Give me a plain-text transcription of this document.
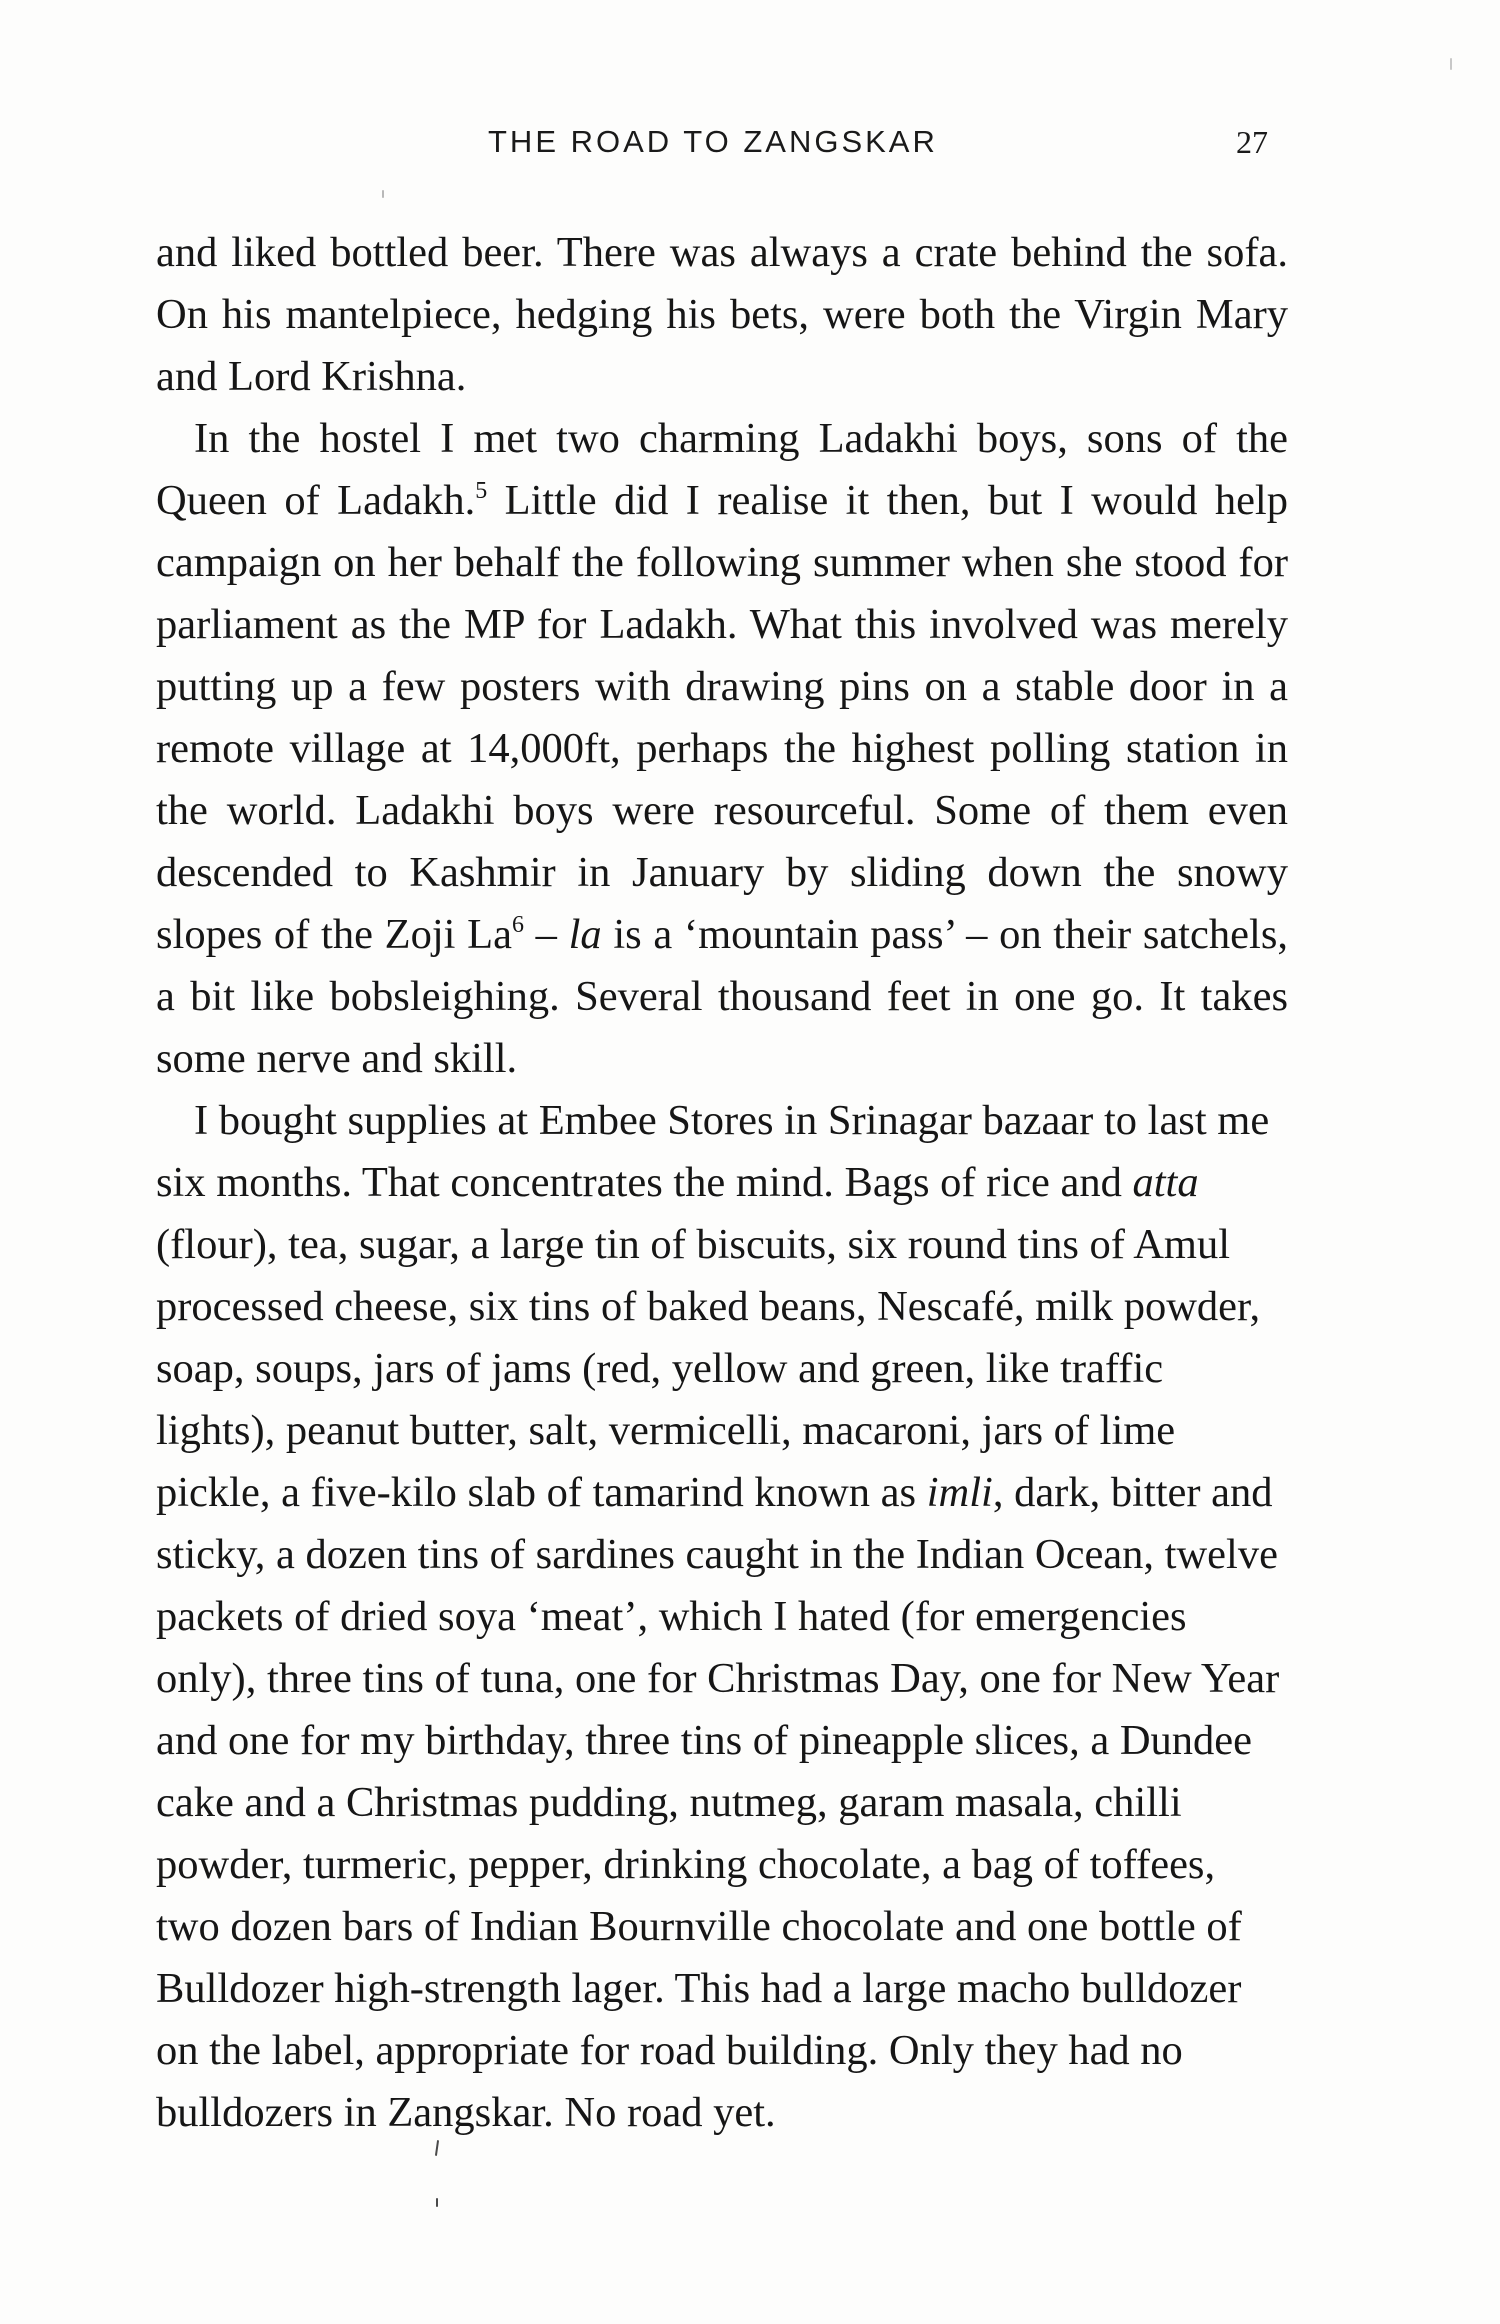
THE ROAD TO ZANGSKAR	27

and liked bottled beer. There was always a crate behind the sofa. On his mantelpiece, hedging his bets, were both the Virgin Mary and Lord Krishna.

In the hostel I met two charming Ladakhi boys, sons of the Queen of Ladakh.$^5$ Little did I realise it then, but I would help campaign on her behalf the following summer when she stood for parliament as the MP for Ladakh. What this involved was merely putting up a few posters with drawing pins on a stable door in a remote village at 14,000ft, perhaps the highest polling station in the world. Ladakhi boys were resourceful. Some of them even descended to Kashmir in January by sliding down the snowy slopes of the Zoji La$^6$ – la is a ‘mountain pass’ – on their satchels, a bit like bobsleighing. Several thousand feet in one go. It takes some nerve and skill.

I bought supplies at Embee Stores in Srinagar bazaar to last me six months. That concentrates the mind. Bags of rice and atta (flour), tea, sugar, a large tin of biscuits, six round tins of Amul processed cheese, six tins of baked beans, Nescafé, milk powder, soap, soups, jars of jams (red, yellow and green, like traffic lights), peanut butter, salt, vermicelli, macaroni, jars of lime pickle, a five-kilo slab of tamarind known as imli, dark, bitter and sticky, a dozen tins of sardines caught in the Indian Ocean, twelve packets of dried soya ‘meat’, which I hated (for emergencies only), three tins of tuna, one for Christmas Day, one for New Year and one for my birthday, three tins of pineapple slices, a Dundee cake and a Christmas pudding, nutmeg, garam masala, chilli powder, turmeric, pepper, drinking chocolate, a bag of toffees, two dozen bars of Indian Bournville chocolate and one bottle of Bulldozer high-strength lager. This had a large macho bulldozer on the label, appropriate for road building. Only they had no bulldozers in Zangskar. No road yet.
